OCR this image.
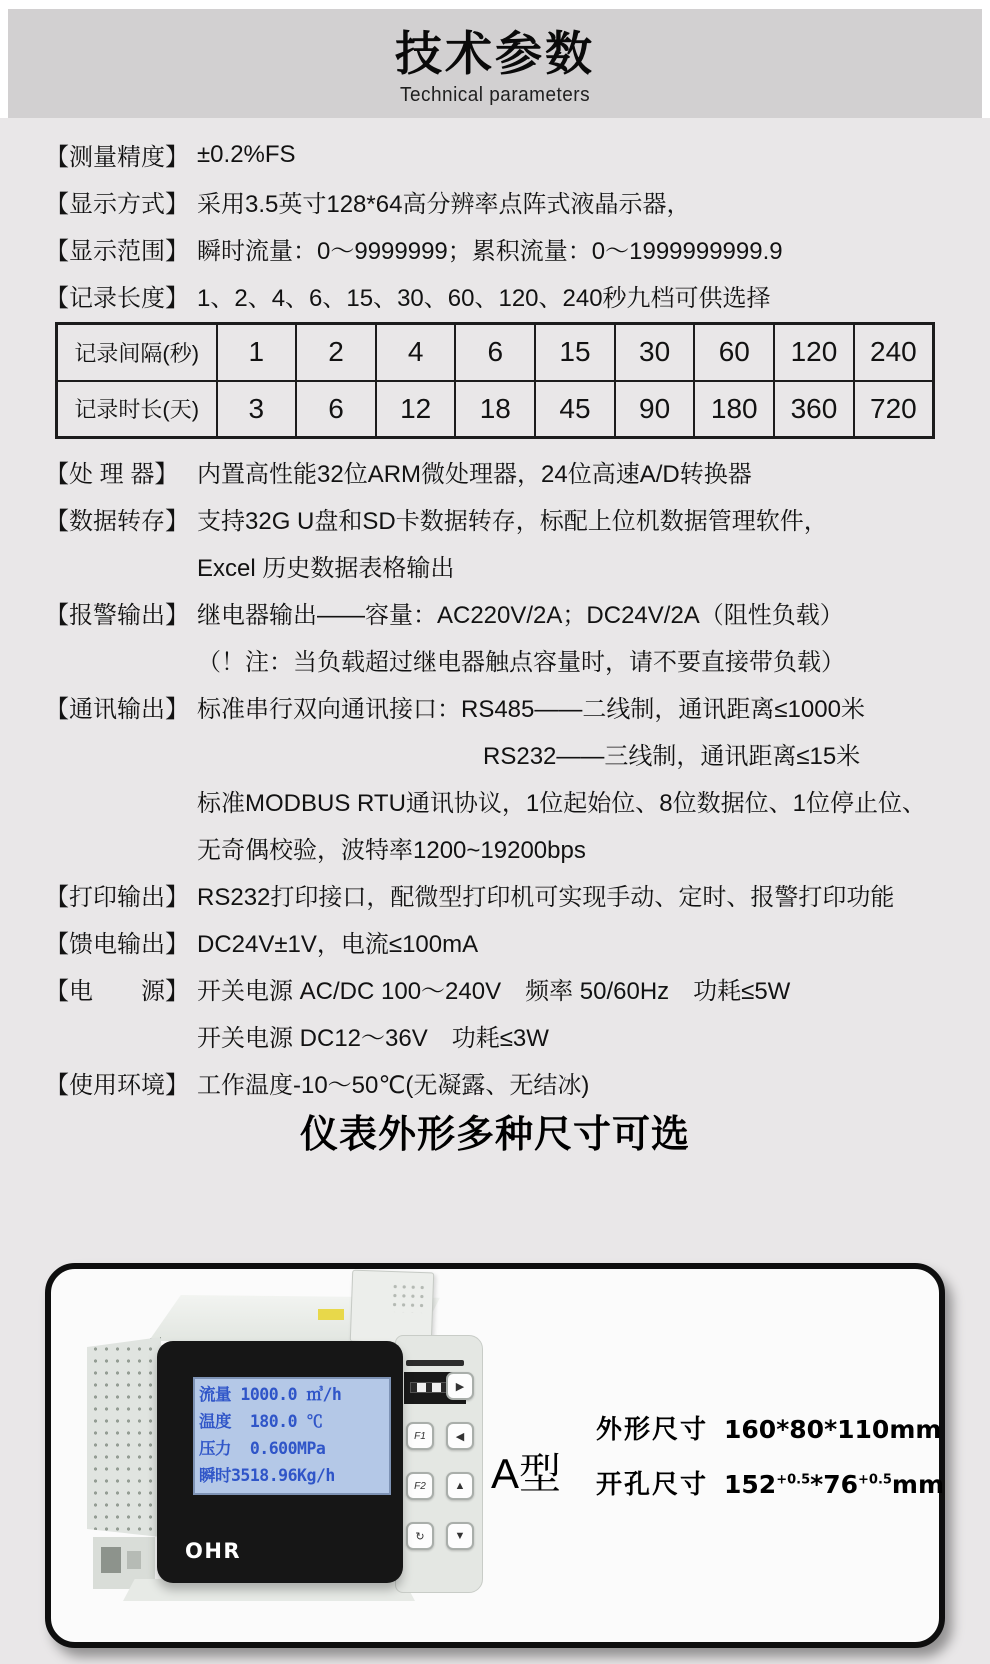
技术参数
Technical parameters
【测量精度】 ±0.2%FS
【显示方式】 采用3.5英寸128*64高分辨率点阵式液晶示器，
【显示范围】 瞬时流量：0～9999999；累积流量：0～1999999999.9
【记录长度】 1、2、4、6、15、30、60、120、240秒九档可供选择
记录间隔(秒)	1	2	4	6	15	30	60	120	240
记录时长(天)	3	6	12	18	45	90	180	360	720
【处 理 器】 内置高性能32位ARM微处理器，24位高速A/D转换器
【数据转存】 支持32G U盘和SD卡数据转存，标配上位机数据管理软件，
Excel 历史数据表格输出
【报警输出】 继电器输出——容量：AC220V/2A；DC24V/2A（阻性负载）
（！注：当负载超过继电器触点容量时，请不要直接带负载）
【通讯输出】 标准串行双向通讯接口：RS485——二线制，通讯距离≤1000米
RS232——三线制，通讯距离≤15米
标准MODBUS RTU通讯协议，1位起始位、8位数据位、1位停止位、
无奇偶校验，波特率1200~19200bps
【打印输出】 RS232打印接口，配微型打印机可实现手动、定时、报警打印功能
【馈电输出】 DC24V±1V，电流≤100mA
【电　　源】 开关电源 AC/DC 100～240V　频率 50/60Hz　功耗≤5W
开关电源 DC12～36V　功耗≤3W
【使用环境】 工作温度-10～50℃(无凝露、无结冰)
仪表外形多种尺寸可选
▶
◀
▲
▼
F1
F2
↻
流量 1000.0 ㎥/h
温度  180.0 ℃
压力  0.600MPa
瞬时3518.96Kg/h
OHR
A型
外形尺寸 160*80*110mm
开孔尺寸 $152^{+0.5}*76^{+0.5}mm$
